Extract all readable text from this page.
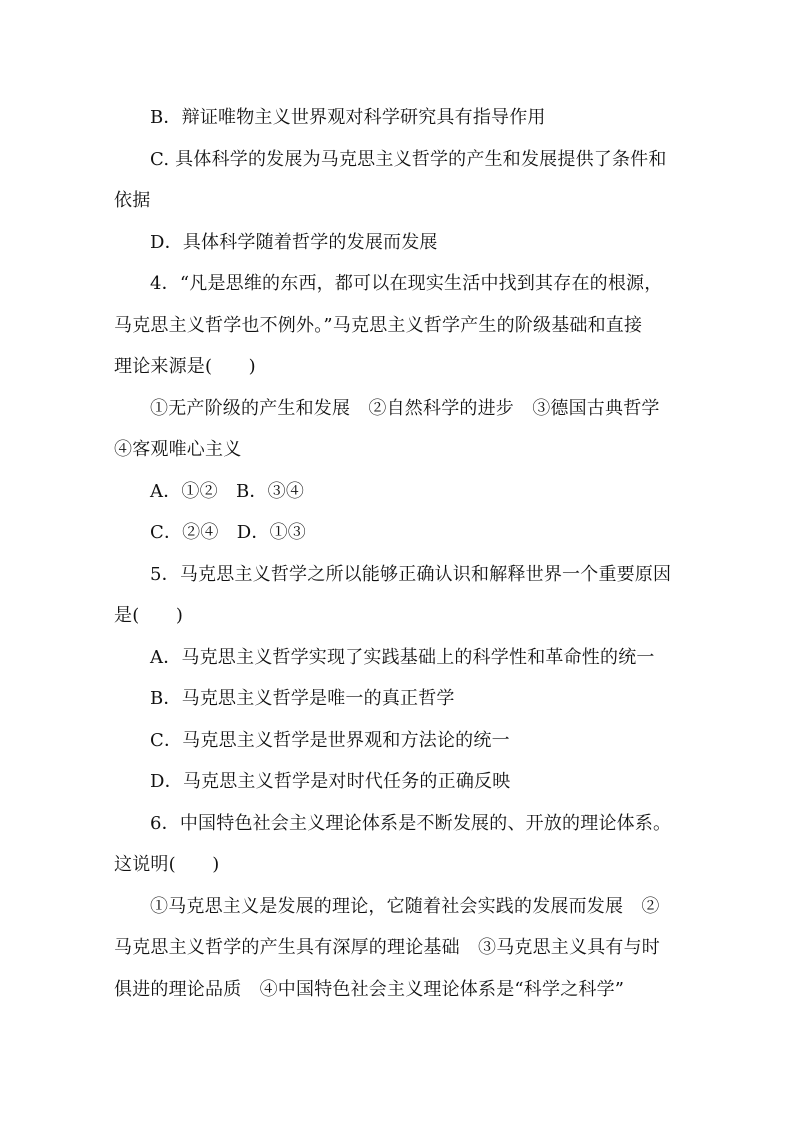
B．辩证唯物主义世界观对科学研究具有指导作用
C. 具体科学的发展为马克思主义哲学的产生和发展提供了条件和
依据
D．具体科学随着哲学的发展而发展
4．“凡是思维的东西，都可以在现实生活中找到其存在的根源，
马克思主义哲学也不例外。”马克思主义哲学产生的阶级基础和直接
理论来源是(　　)
①无产阶级的产生和发展　②自然科学的进步　③德国古典哲学
④客观唯心主义
A．①②　B．③④
C．②④　D．①③
5．马克思主义哲学之所以能够正确认识和解释世界一个重要原因
是(　　)
A．马克思主义哲学实现了实践基础上的科学性和革命性的统一
B．马克思主义哲学是唯一的真正哲学
C．马克思主义哲学是世界观和方法论的统一
D．马克思主义哲学是对时代任务的正确反映
6．中国特色社会主义理论体系是不断发展的、开放的理论体系。
这说明(　　)
①马克思主义是发展的理论，它随着社会实践的发展而发展　②
马克思主义哲学的产生具有深厚的理论基础　③马克思主义具有与时
俱进的理论品质　④中国特色社会主义理论体系是“科学之科学”
